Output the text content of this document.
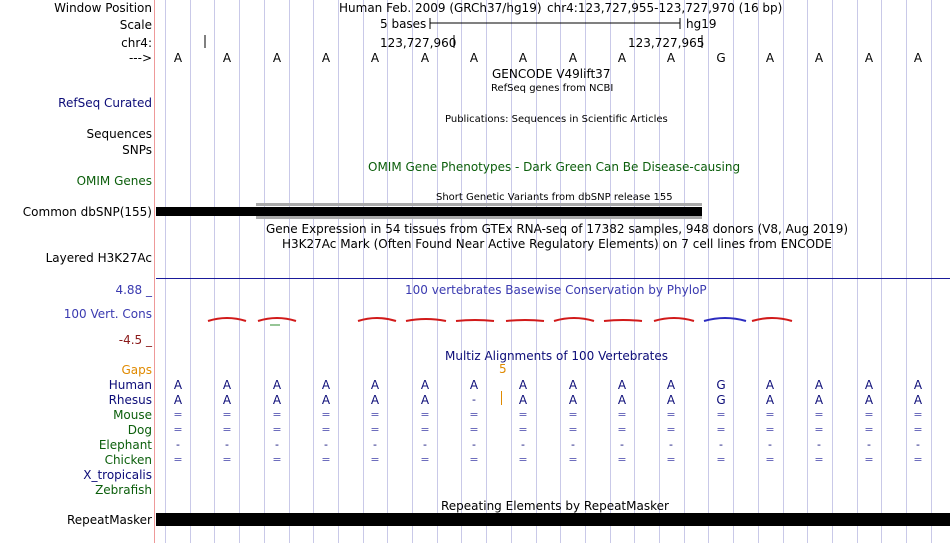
Window Position	Human Feb. 2009 (GRCh37/hg19) chr4:123,727,955-123,727,970 (16 bp)
Scale	5 bases	hg19
chr4:	123,727,960	123,727,965
--->	A	A	A	A	A	A	A	A	A	A	A	G	A	A	A	A
GENCODE V49lift37
RefSeq genes from NCBI
RefSeq Curated
Publications: Sequences in Scientific Articles
Sequences
SNPs
OMIM Gene Phenotypes - Dark Green Can Be Disease-causing
OMIM Genes
Short Genetic Variants from dbSNP release 155
Common dbSNP(155)
Gene Expression in 54 tissues from GTEx RNA-seq of 17382 samples, 948 donors (V8, Aug 2019)
H3K27Ac Mark (Often Found Near Active Regulatory Elements) on 7 cell lines from ENCODE
Layered H3K27Ac
4.88 _	100 vertebrates Basewise Conservation by PhyloP
100 Vert. Cons
-4.5 _
Multiz Alignments of 100 Vertebrates
Gaps	5
Human	A	A	A	A	A	A	A	A	A	A	A	G	A	A	A	A
Rhesus	A	A	A	A	A	A	-	A	A	A	A	G	A	A	A	A
Mouse	=	=	=	=	=	=	=	=	=	=	=	=	=	=	=	=
Dog	=	=	=	=	=	=	=	=	=	=	=	=	=	=	=	=
Elephant	-	-	-	-	-	-	-	-	-	-	-	-	-	-	-	-
Chicken	=	=	=	=	=	=	=	=	=	=	=	=	=	=	=	=
X_tropicalis
Zebrafish
Repeating Elements by RepeatMasker
RepeatMasker
